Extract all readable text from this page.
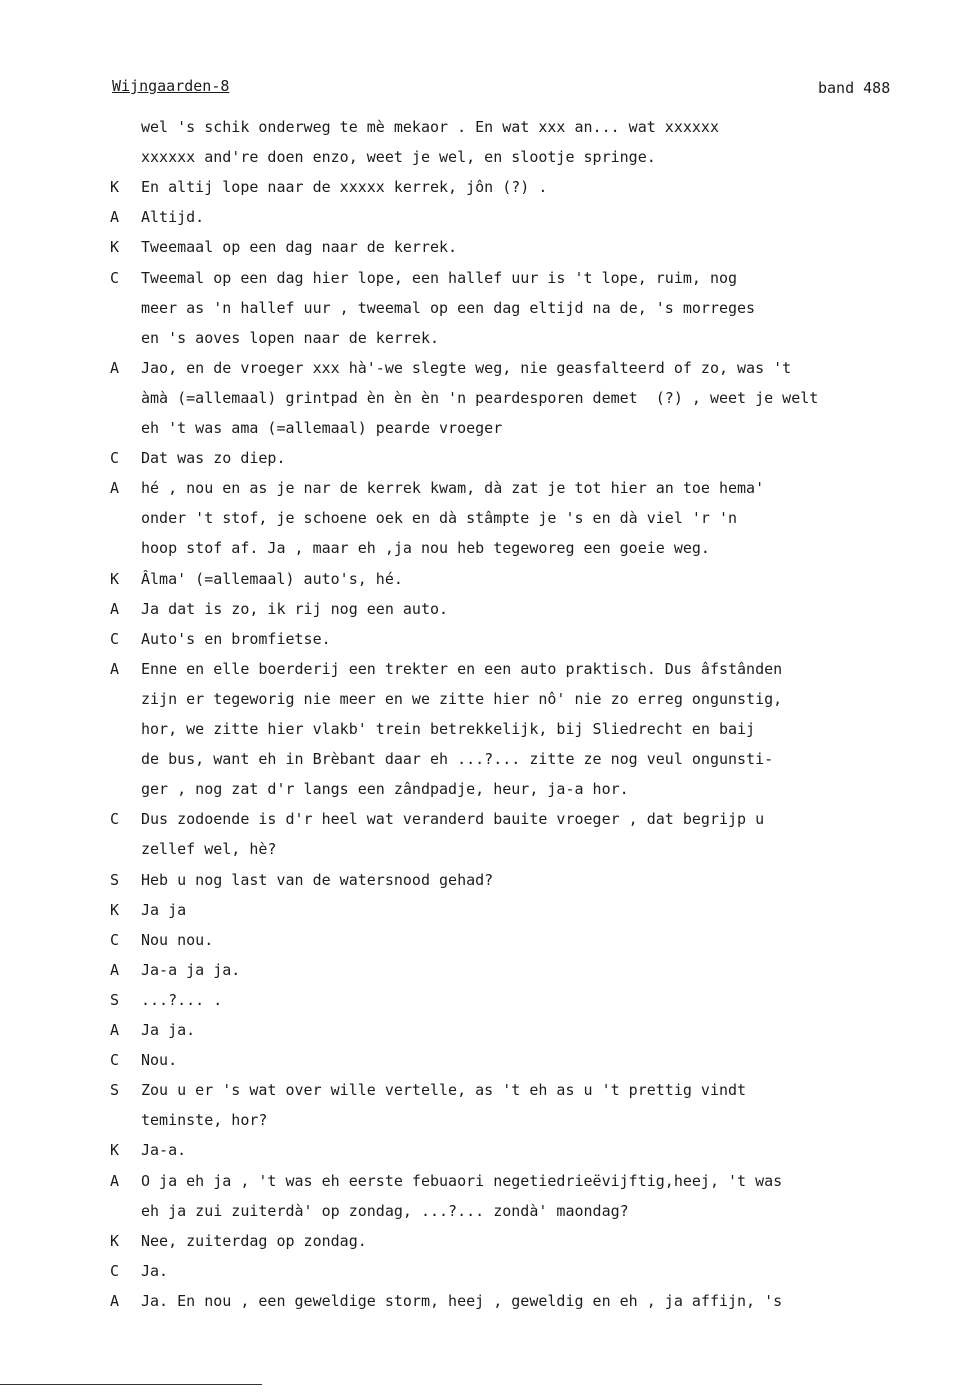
Wijngaarden-8	band 488
wel 's schik onderweg te mè mekaor . En wat xxx an... wat xxxxxx
xxxxxx and're doen enzo, weet je wel, en slootje springe.
K	En altij lope naar de xxxxx kerrek, jôn (?) .
A	Altijd.
K	Tweemaal op een dag naar de kerrek.
C	Tweemal op een dag hier lope, een hallef uur is 't lope, ruim, nog
meer as 'n hallef uur , tweemal op een dag eltijd na de, 's morreges
en 's aoves lopen naar de kerrek.
A	Jao, en de vroeger xxx hà'-we slegte weg, nie geasfalteerd of zo, was 't
àmà (=allemaal) grintpad èn èn èn 'n peardesporen demet  (?) , weet je welt
eh 't was ama (=allemaal) pearde vroeger
C	Dat was zo diep.
A	hé , nou en as je nar de kerrek kwam, dà zat je tot hier an toe hema'
onder 't stof, je schoene oek en dà stâmpte je 's en dà viel 'r 'n
hoop stof af. Ja , maar eh ,ja nou heb tegeworeg een goeie weg.
K	Âlma' (=allemaal) auto's, hé.
A	Ja dat is zo, ik rij nog een auto.
C	Auto's en bromfietse.
A	Enne en elle boerderij een trekter en een auto praktisch. Dus âfstânden
zijn er tegeworig nie meer en we zitte hier nô' nie zo erreg ongunstig,
hor, we zitte hier vlakb' trein betrekkelijk, bij Sliedrecht en baij
de bus, want eh in Brèbant daar eh ...?... zitte ze nog veul ongunsti-
ger , nog zat d'r langs een zândpadje, heur, ja-a hor.
C	Dus zodoende is d'r heel wat veranderd bauite vroeger , dat begrijp u
zellef wel, hè?
S	Heb u nog last van de watersnood gehad?
K	Ja ja
C	Nou nou.
A	Ja-a ja ja.
S	...?... .
A	Ja ja.
C	Nou.
S	Zou u er 's wat over wille vertelle, as 't eh as u 't prettig vindt
teminste, hor?
K	Ja-a.
A	O ja eh ja , 't was eh eerste febuaori negetiedrieëvijftig,heej, 't was
eh ja zui zuiterdà' op zondag, ...?... zondà' maondag?
K	Nee, zuiterdag op zondag.
C	Ja.
A	Ja. En nou , een geweldige storm, heej , geweldig en eh , ja affijn, 's
